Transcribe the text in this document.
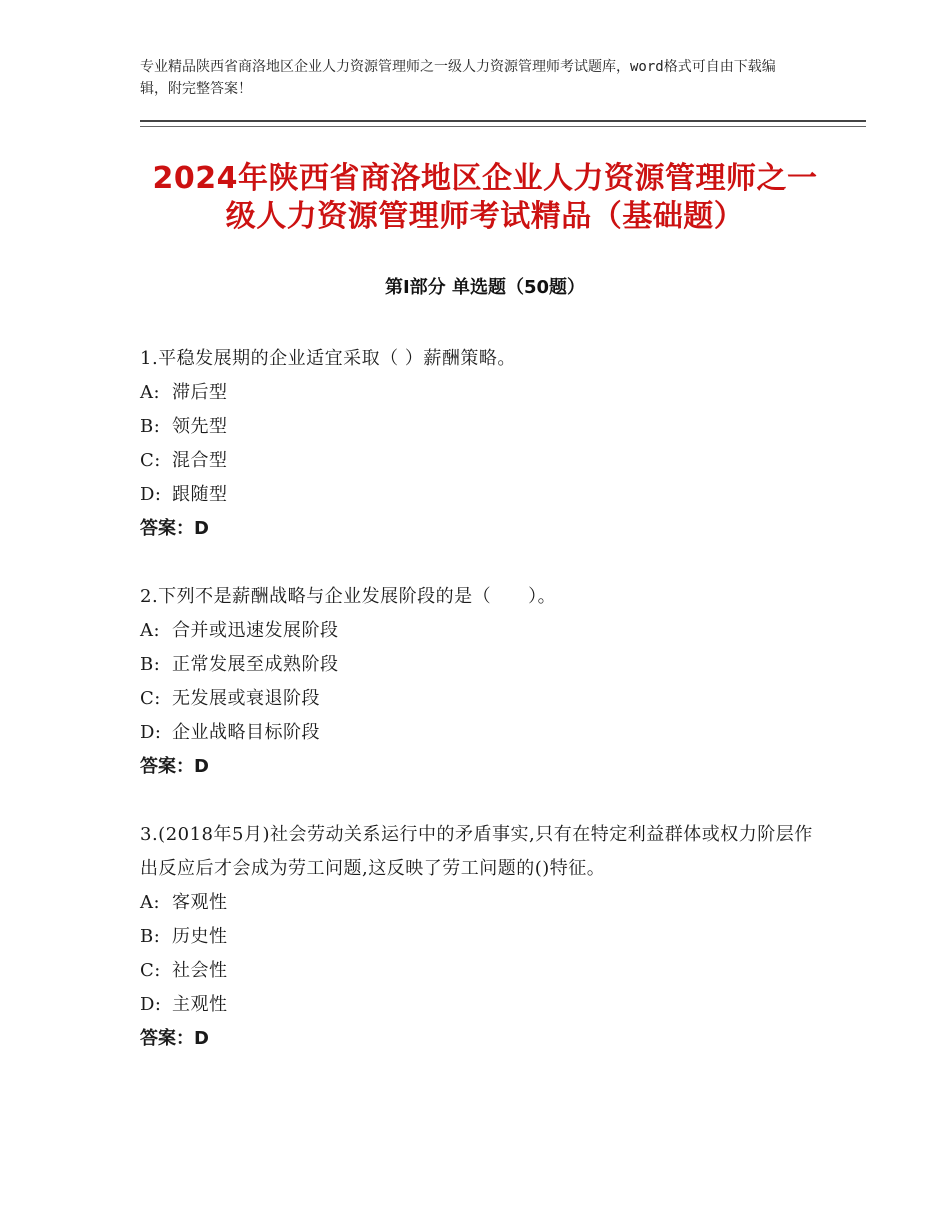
专业精品陕西省商洛地区企业人力资源管理师之一级人力资源管理师考试题库，word格式可自由下载编辑，附完整答案！
2024年陕西省商洛地区企业人力资源管理师之一级人力资源管理师考试精品（基础题）
第Ⅰ部分 单选题（50题）

1.平稳发展期的企业适宜采取（ ）薪酬策略。

A: 滞后型

B: 领先型

C: 混合型

D: 跟随型

答案：D

2.下列不是薪酬战略与企业发展阶段的是（　　）。

A: 合并或迅速发展阶段

B: 正常发展至成熟阶段

C: 无发展或衰退阶段

D: 企业战略目标阶段

答案：D

3.(2018年5月)社会劳动关系运行中的矛盾事实,只有在特定利益群体或权力阶层作出反应后才会成为劳工问题,这反映了劳工问题的()特征。

A: 客观性

B: 历史性

C: 社会性

D: 主观性

答案：D
